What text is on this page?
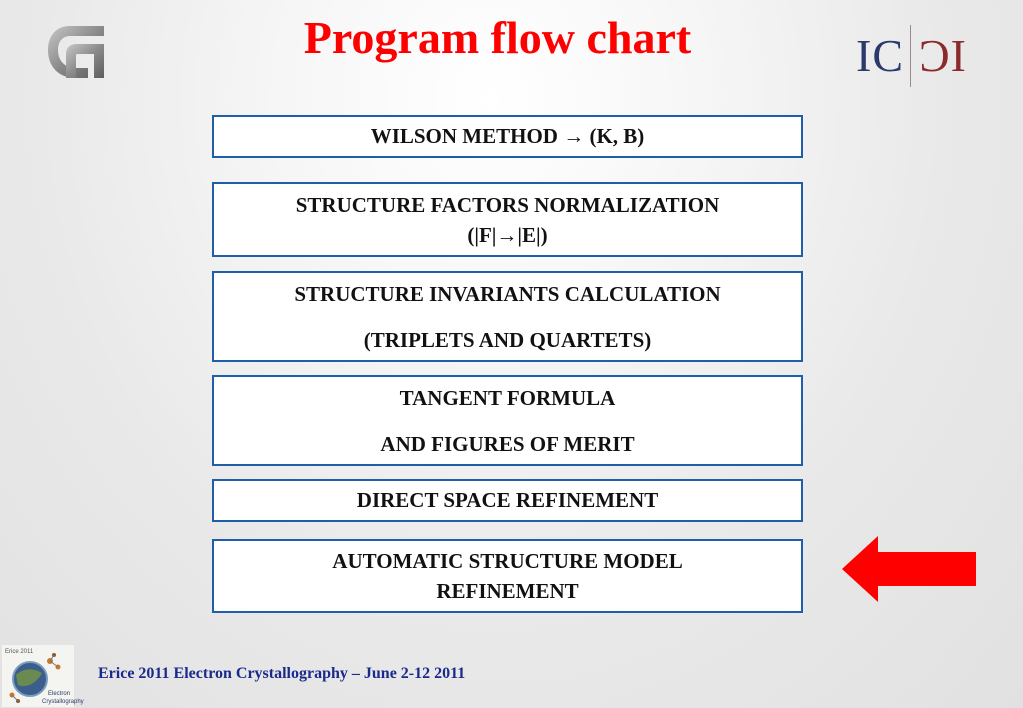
Program flow chart	IC ƆI
WILSON METHOD → (K, B)
STRUCTURE FACTORS NORMALIZATION
(|F|→|E|)
STRUCTURE INVARIANTS CALCULATION
(TRIPLETS AND QUARTETS)
TANGENT FORMULA
AND FIGURES OF MERIT
DIRECT SPACE REFINEMENT
AUTOMATIC STRUCTURE MODEL
REFINEMENT
Erice 2011
Electron
Crystallography
Erice 2011 Electron Crystallography – June 2-12 2011
